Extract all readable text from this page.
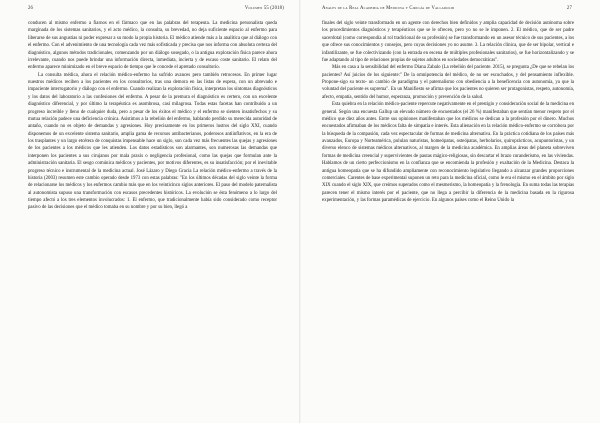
26	Volumen 55 (2018)

conducen al mismo enfermo a fiarnos en el fármaco que en las palabras del terapeuta. La medicina personalista queda marginada de los sistemas sanitarios, y el acto médico, la consulta, su brevedad, no deja suficiente espacio al enfermo para liberarse de sus angustias ni poder expresar a su modo la propia historia. El médico atiende más a la analítica que al diálogo con el enfermo. Con el advenimiento de una tecnología cada vez más sofisticada y precisa que nos informa con absoluta certeza del diagnóstico, algunos métodos tradicionales, comenzando por un diálogo sosegado, o la antigua exploración física parece ahora irrelevante, cuando nos puede brindar una información directa, inmediata, incierta y de escaso coste sanitario. El relato del enfermo aparece minimizado en el breve espacio de tiempo que le concede el apretado consultorio.

La consulta médica, ahora el relación médico-enfermo ha sufrido avances pero también retrocesos. En primer lugar nuestros médicos reciben a los pacientes en los consultorios, tras una demora en las listas de espera, con un abrevado e impaciente interrogatorio y diálogo con el enfermo. Cuando realizan la exploración física, interpretan los síntomas diagnósticos y los datos del laboratorio a las confesiones del enfermo. A pesar de la premura el diagnóstico es certero, con un excelente diagnóstico diferencial, y por último la terapéutica es asombrosa, casi milagrosa. Todas estas facetas han contribuido a un progreso increíble y lleno de cualquier duda, pero a pesar de los éxitos el médico y el enfermo se sienten insatisfechos y su mutua relación padece una deficiencia crónica. Asistimos a la rebelión del enfermo, hablando perdido su merecida autoridad de antaño, cuando no es objeto de demandas y agresiones. Hoy precisamente en los primeros lustros del siglo XXI, cuando disponemos de un excelente sistema sanitario, amplia gama de recursos antibacterianos, poderosos antiinflativos, en la era de los trasplantes y un largo etcétera de conquistas impensable hace un siglo, son cada vez más frecuentes las quejas y agresiones de los pacientes a los médicos que les atienden. Los datos estadísticos son alarmantes, son numerosas las demandas que interponen los pacientes a sus cirujanos por mala praxis o negligencia profesional, como las quejas que formulan ante la administración sanitaria. El sesgo comúnica médicos y pacientes, por motivos diferentes, es su insatisfacción; por el inevitable progreso técnico e instrumental de la medicina actual. José Lázaro y Diego Gracia La relación médico-enfermo a través de la historia (2003) resumen este cambio operado desde 1973 con estas palabras: "En los últimos décadas del siglo veinte la forma de relacionarse los médicos y los enfermos cambio más que en los veinticinco siglos anteriores. El paso del modelo paternalista al autonomista supuso una transformación con escasos precedentes históricos. La evolución se ésta fenómeno a lo largo del tiempo afectó a los tres elementos involucrados: 1. El enfermo, que tradicionalmente había sido considerado como receptor pasivo de las decisiones que el médico tomaba en su nombre y por su bien, llegó a

Anales de la Real Academia de Medicina y Cirugía de Valladolid	27

finales del siglo veinte transformado en un agente con derechos bien definidos y amplia capacidad de decisión autónoma sobre los procedimientos diagnósticos y terapéuticos que se le ofrecen, pero yo no se le imponen. 2. El médico, que de ser padre sacerdotal (como correspondía al rol tradicional de su profesión) se fue transformando en un asesor técnico de sus pacientes, a los que ofrece sus conocimientos y consejos, pero cuyas decisiones yo no asume. 3. La relación clínica, que de ser bipolar, vertical e infantilizante, se fue colectivizando (con la entrada en escena de múltiples profesionales sanitarios), se fue horizontalizando y se fue adaptando al tipo de relaciones propias de sujetos adultos en sociedades democráticas".

Más en casa a la sensibilidad del enfermo Diana Zabalo (La rebelión del paciente. 2015), se pregunta ¿De que se rebelan los pacientes? Así juicios de los siguiente:" De la omnipotencia del médico, de no ser escuchados, y del pensamiento inflexible. Propone-sigo su texto- un cambio de paradigma y el paternalismo con obediencia a la beneficencia con autonomía, ya que la voluntad del paciente es suprema". En un Manifiesto se afirma que los pacientes no quieren ser protagonistas, respeto, autonomía, afecto, empatía, sentido del humor, esperanza, promoción y prevención de la salud.

Esta quiebra en la relación médico-paciente repercute negativamente en el prestigio y consideración social de la medicina en general. Según una encuesta Gallup un elevado número de encuestados (el 26 %) manifestaban que sentían menor respeto por el médico que diez años antes. Entre sus opiniones manifestaban que los médicos se dedican a la profesión por el dinero. Muchos encuestados afirmaban de los médicos falta de simpatía e interés. Esta alienación en la relación médico-enfermo se corrobora por la búsqueda de la compasión, cada vez espectacular de formas de medicina alternativa. En la práctica cotidiana de los países más avanzados, Europa y Norteamérica, pululan naturistas, homeópatas, osteópatas, herbolarios, quiroprácticos, acupuntoristas, y un diverso elenco de sistemas médicos alternativos, al margen de la medicina académica. En amplias áreas del planeta sobreviven formas de medicina creencial y supervivientes de pautas mágico-religiosas, sin descartar el brazo curanderismo, en las viviendas. Hablamos de un cierto perfeccionismo en la confianza que se encomienda la profesión y exaltación de la Medicina. Destaca la antigua homeopatía que se ha difundido ampliamente con reconocimiento legislativo llegando a alcanzar grandes proporciones comerciales. Carentes de base experimental suponen un reto para la medicina oficial, como le era el mismo en el ámbito por siglo XIX cuando el siglo XIX, que creímos superados como el mesmerismo, la homeopatía y la frenología. En suma todas las terapias parecen tener el mismo interés por el paciente, que no llega a percibir la diferencia de la medicina basada en la rigurosa experimentación, y las formas paramédicas de ejercicio. En algunos países como el Reino Unido la
